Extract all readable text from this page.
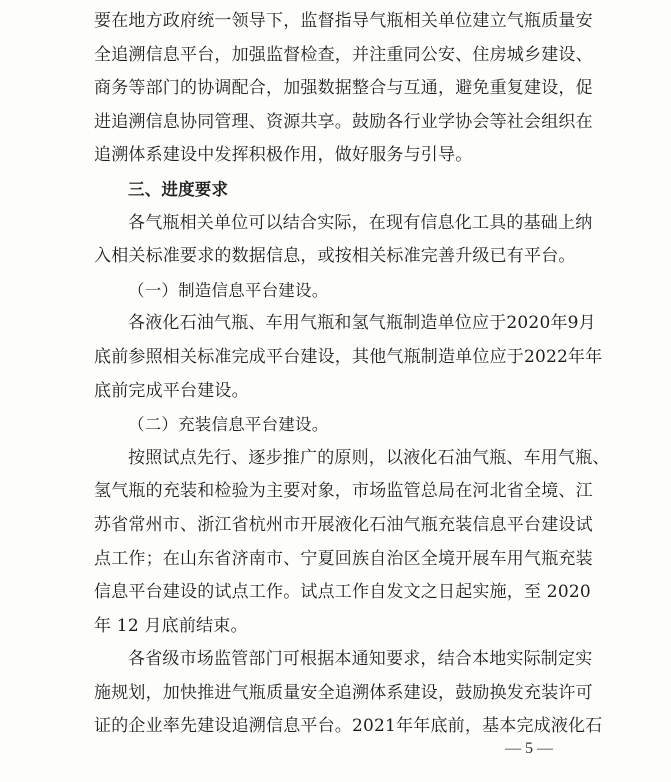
要在地方政府统一领导下，监督指导气瓶相关单位建立气瓶质量安
全追溯信息平台，加强监督检查，并注重同公安、住房城乡建设、
商务等部门的协调配合，加强数据整合与互通，避免重复建设，促
进追溯信息协同管理、资源共享。鼓励各行业学协会等社会组织在
追溯体系建设中发挥积极作用，做好服务与引导。
三、进度要求
各气瓶相关单位可以结合实际，在现有信息化工具的基础上纳
入相关标准要求的数据信息，或按相关标准完善升级已有平台。
（一）制造信息平台建设。
各液化石油气瓶、车用气瓶和氢气瓶制造单位应于2020年9月
底前参照相关标准完成平台建设，其他气瓶制造单位应于2022年年
底前完成平台建设。
（二）充装信息平台建设。
按照试点先行、逐步推广的原则，以液化石油气瓶、车用气瓶、
氢气瓶的充装和检验为主要对象，市场监管总局在河北省全境、江
苏省常州市、浙江省杭州市开展液化石油气瓶充装信息平台建设试
点工作；在山东省济南市、宁夏回族自治区全境开展车用气瓶充装
信息平台建设的试点工作。试点工作自发文之日起实施，至 2020
年 12 月底前结束。
各省级市场监管部门可根据本通知要求，结合本地实际制定实
施规划，加快推进气瓶质量安全追溯体系建设，鼓励换发充装许可
证的企业率先建设追溯信息平台。2021年年底前，基本完成液化石
— 5 —
